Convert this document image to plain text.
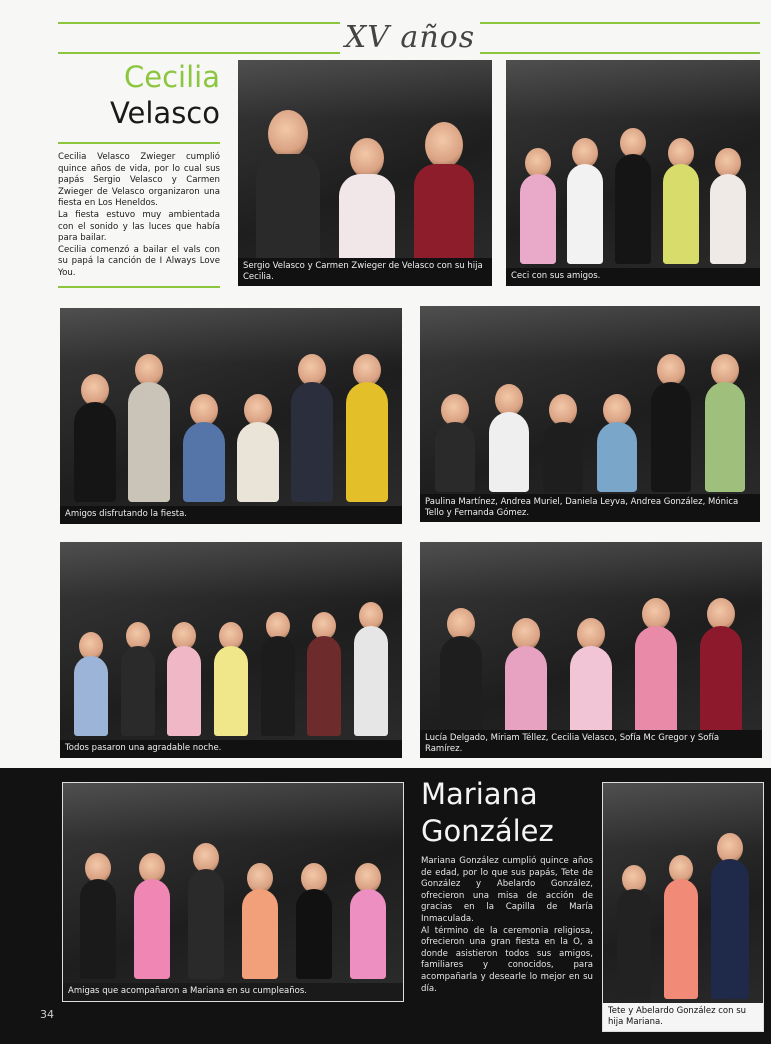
XV años
Cecilia
Velasco

Cecilia Velasco Zwieger cumplió quince años de vida, por lo cual sus papás Sergio Velasco y Carmen Zwieger de Velasco organizaron una fiesta en Los Heneldos.

La fiesta estuvo muy ambientada con el sonido y las luces que había para bailar.

Cecilia comenzó a bailar el vals con su papá la canción de I Always Love You.

Sergio Velasco y Carmen Zwieger de Velasco con su hija Cecilia.	Ceci con sus amigos.
Amigos disfrutando la fiesta.
Paulina Martínez, Andrea Muriel, Daniela Leyva, Andrea González, Mónica Tello y Fernanda Gómez.
Todos pasaron una agradable noche.
Lucía Delgado, Miriam Téllez, Cecilia Velasco, Sofía Mc Gregor y Sofía Ramírez.
Amigas que acompañaron a Mariana en su cumpleaños.
Mariana
González

Mariana González cumplió quince años de edad, por lo que sus papás, Tete de González y Abelardo González, ofrecieron una misa de acción de gracias en la Capilla de María Inmaculada.

Al término de la ceremonia religiosa, ofrecieron una gran fiesta en la O, a donde asistieron todos sus amigos, familiares y conocidos, para acompañarla y desearle lo mejor en su día.

Tete y Abelardo González con su hija Mariana.
34
